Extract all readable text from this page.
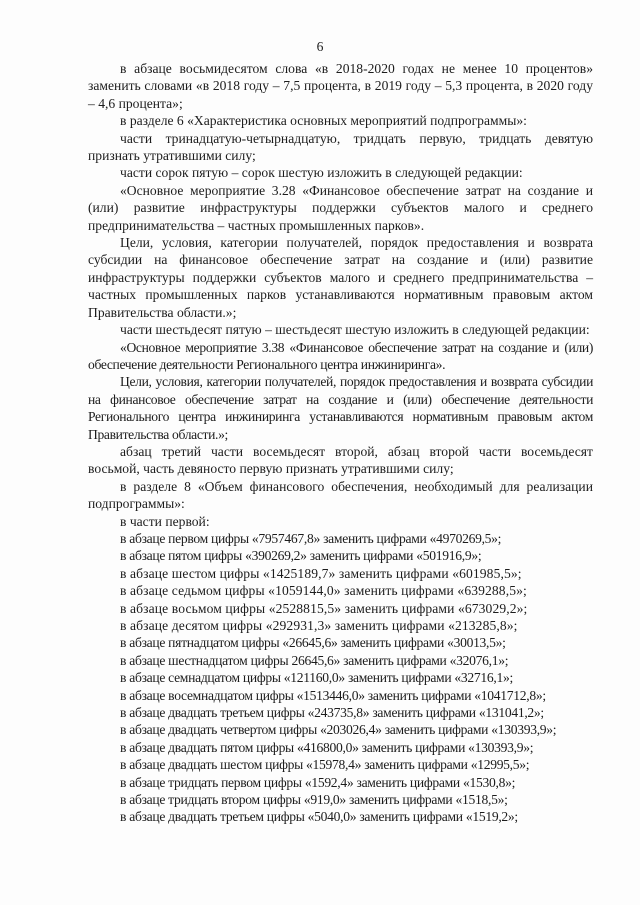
6

в абзаце восьмидесятом слова «в 2018-2020 годах не менее 10 процентов» заменить словами «в 2018 году – 7,5 процента, в 2019 году – 5,3 процента, в 2020 году – 4,6 процента»;

в разделе 6 «Характеристика основных мероприятий подпрограммы»:

части тринадцатую-четырнадцатую, тридцать первую, тридцать девятую признать утратившими силу;

части сорок пятую – сорок шестую изложить в следующей редакции:

«Основное мероприятие 3.28 «Финансовое обеспечение затрат на создание и (или) развитие инфраструктуры поддержки субъектов малого и среднего предпринимательства – частных промышленных парков».

Цели, условия, категории получателей, порядок предоставления и возврата субсидии на финансовое обеспечение затрат на создание и (или) развитие инфраструктуры поддержки субъектов малого и среднего предпринимательства – частных промышленных парков устанавливаются нормативным правовым актом Правительства области.»;

части шестьдесят пятую – шестьдесят шестую изложить в следующей редакции:

«Основное мероприятие 3.38 «Финансовое обеспечение затрат на создание и (или) обеспечение деятельности Регионального центра инжиниринга».

Цели, условия, категории получателей, порядок предоставления и возврата субсидии на финансовое обеспечение затрат на создание и (или) обеспечение деятельности Регионального центра инжиниринга устанавливаются нормативным правовым актом Правительства области.»;

абзац третий части восемьдесят второй, абзац второй части восемьдесят восьмой, часть девяносто первую признать утратившими силу;

в разделе 8 «Объем финансового обеспечения, необходимый для реализации подпрограммы»:

в части первой:

в абзаце первом цифры «7957467,8» заменить цифрами «4970269,5»;
в абзаце пятом цифры «390269,2» заменить цифрами «501916,9»;
в абзаце шестом цифры «1425189,7» заменить цифрами «601985,5»;
в абзаце седьмом цифры «1059144,0» заменить цифрами «639288,5»;
в абзаце восьмом цифры «2528815,5» заменить цифрами «673029,2»;
в абзаце десятом цифры «292931,3» заменить цифрами «213285,8»;
в абзаце пятнадцатом цифры «26645,6» заменить цифрами «30013,5»;
в абзаце шестнадцатом цифры 26645,6» заменить цифрами «32076,1»;
в абзаце семнадцатом цифры «121160,0» заменить цифрами «32716,1»;
в абзаце восемнадцатом цифры «1513446,0» заменить цифрами «1041712,8»;
в абзаце двадцать третьем цифры «243735,8» заменить цифрами «131041,2»;
в абзаце двадцать четвертом цифры «203026,4» заменить цифрами «130393,9»;
в абзаце двадцать пятом цифры «416800,0» заменить цифрами «130393,9»;
в абзаце двадцать шестом цифры «15978,4» заменить цифрами «12995,5»;
в абзаце тридцать первом цифры «1592,4» заменить цифрами «1530,8»;
в абзаце тридцать втором цифры «919,0» заменить цифрами «1518,5»;
в абзаце двадцать третьем цифры «5040,0» заменить цифрами «1519,2»;
